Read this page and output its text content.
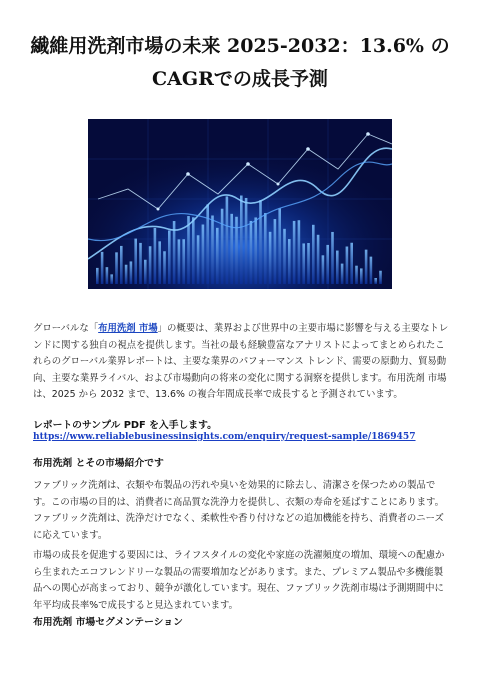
繊維用洗剤市場の未来 2025-2032：13.6% の
CAGRでの成長予測
グローバルな「布用洗剤 市場」の概要は、業界および世界中の主要市場に影響を与える主要なトレンドに関する独自の視点を提供します。当社の最も経験豊富なアナリストによってまとめられたこれらのグローバル業界レポートは、主要な業界のパフォーマンス トレンド、需要の原動力、貿易動向、主要な業界ライバル、および市場動向の将来の変化に関する洞察を提供します。布用洗剤 市場は、2025 から 2032 まで、13.6% の複合年間成長率で成長すると予測されています。
レポートのサンプル PDF を入手します。
https://www.reliablebusinessinsights.com/enquiry/request-sample/1869457
布用洗剤 とその市場紹介です
ファブリック洗剤は、衣類や布製品の汚れや臭いを効果的に除去し、清潔さを保つための製品です。この市場の目的は、消費者に高品質な洗浄力を提供し、衣類の寿命を延ばすことにあります。ファブリック洗剤は、洗浄だけでなく、柔軟性や香り付けなどの追加機能を持ち、消費者のニーズに応えています。
市場の成長を促進する要因には、ライフスタイルの変化や家庭の洗濯頻度の増加、環境への配慮から生まれたエコフレンドリーな製品の需要増加などがあります。また、プレミアム製品や多機能製品への関心が高まっており、競争が激化しています。現在、ファブリック洗剤市場は予測期間中に年平均成長率%で成長すると見込まれています。
布用洗剤 市場セグメンテーション
